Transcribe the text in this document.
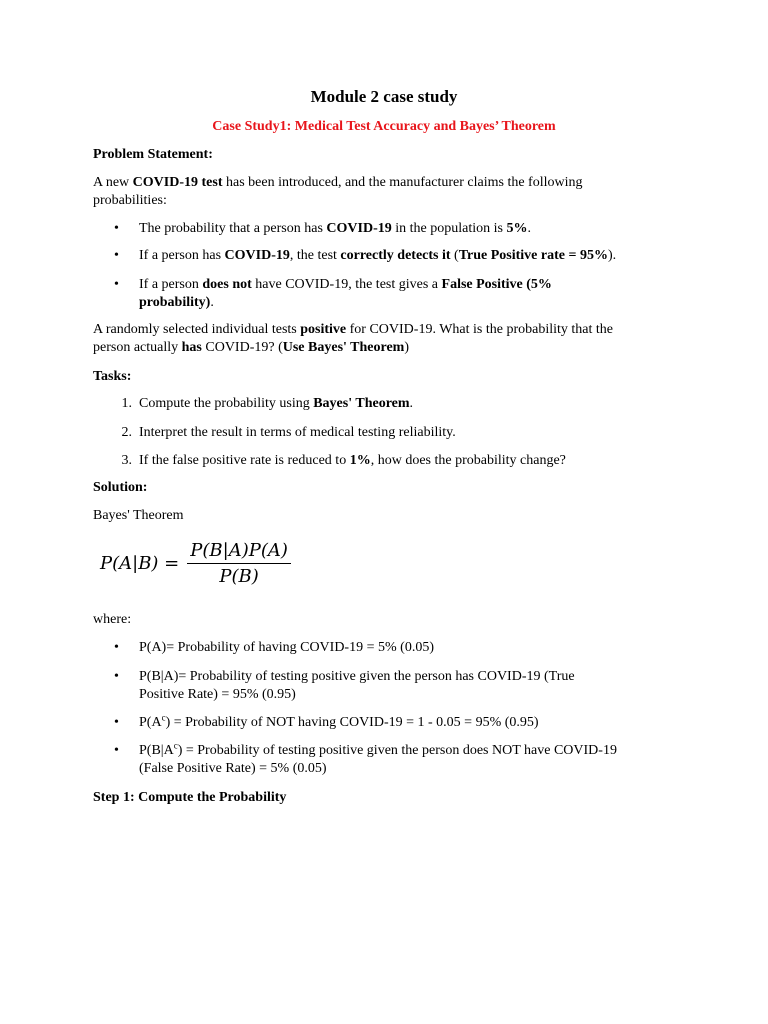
Module 2 case study
Case Study1: Medical Test Accuracy and Bayes’ Theorem
Problem Statement:
A new COVID-19 test has been introduced, and the manufacturer claims the following
probabilities:
• The probability that a person has COVID-19 in the population is 5%.
• If a person has COVID-19, the test correctly detects it (True Positive rate = 95%).
• If a person does not have COVID-19, the test gives a False Positive (5%
probability).
A randomly selected individual tests positive for COVID-19. What is the probability that the
person actually has COVID-19? (Use Bayes' Theorem)
Tasks:
1. Compute the probability using Bayes' Theorem.
2. Interpret the result in terms of medical testing reliability.
3. If the false positive rate is reduced to 1%, how does the probability change?
Solution:
Bayes' Theorem
$P(A|B) = \frac{P(B|A)P(A)}{P(B)}$
where:
• P(A)= Probability of having COVID-19 = 5% (0.05)
• P(B|A)= Probability of testing positive given the person has COVID-19 (True
Positive Rate) = 95% (0.95)
• $P(A^c)$ = Probability of NOT having COVID-19 = 1 - 0.05 = 95% (0.95)
• $P(B|A^c)$ = Probability of testing positive given the person does NOT have COVID-19
(False Positive Rate) = 5% (0.05)
Step 1: Compute the Probability
